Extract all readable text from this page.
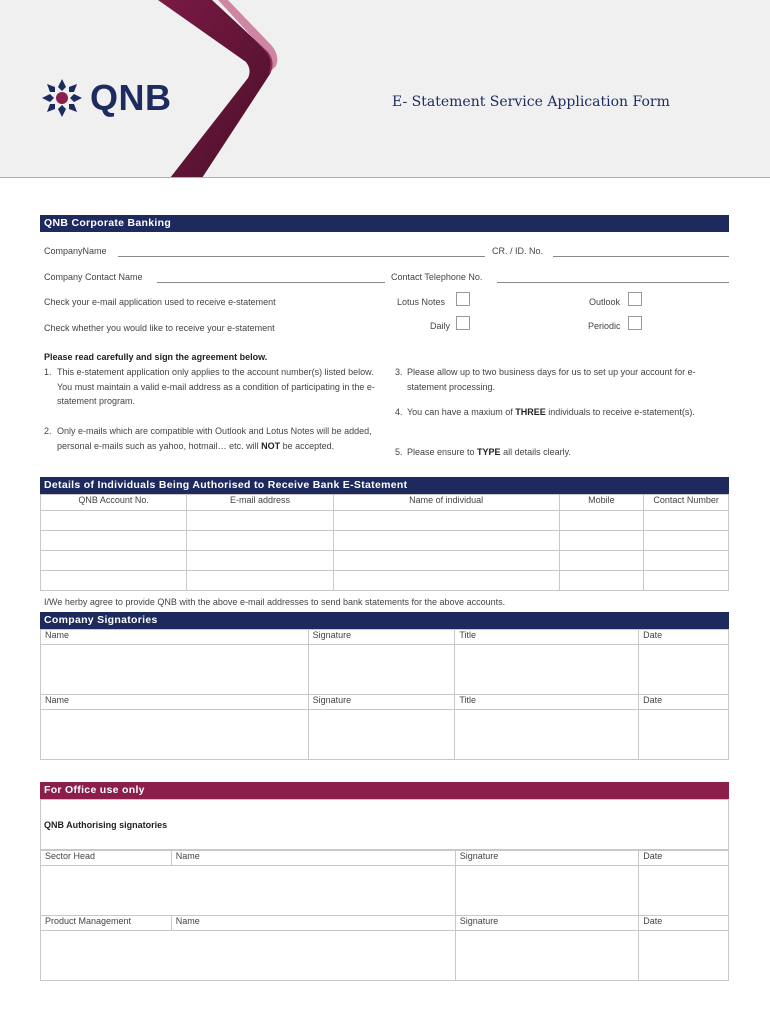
QNB	E- Statement Service Application Form
QNB Corporate Banking
CompanyName	CR. / ID. No.
Company Contact Name	Contact Telephone No.
Check your e-mail application used to receive e-statement	Lotus Notes	Outlook
Check whether you would like to receive your e-statement	Daily	Periodic
Please read carefully and sign the agreement below.
1. This e-statement application only applies to the account number(s) listed below. You must maintain a valid e-mail address as a condition of participating in the e-statement program.
2. Only e-mails which are compatible with Outlook and Lotus Notes will be added, personal e-mails such as yahoo, hotmail… etc. will NOT be accepted.
3. Please allow up to two business days for us to set up your account for e-statement processing.
4. You can have a maxium of THREE individuals to receive e-statement(s).
5. Please ensure to TYPE all details clearly.
Details of Individuals Being Authorised to Receive Bank E-Statement
QNB Account No.	E-mail address	Name of individual	Mobile	Contact Number

I/We herby agree to provide QNB with the above e-mail addresses to send bank statements for the above accounts.
Company Signatories
Name	Signature	Title	Date

Name	Signature	Title	Date

For Office use only
QNB Authorising signatories
Sector Head	Name	Signature	Date

Product Management	Name	Signature	Date
